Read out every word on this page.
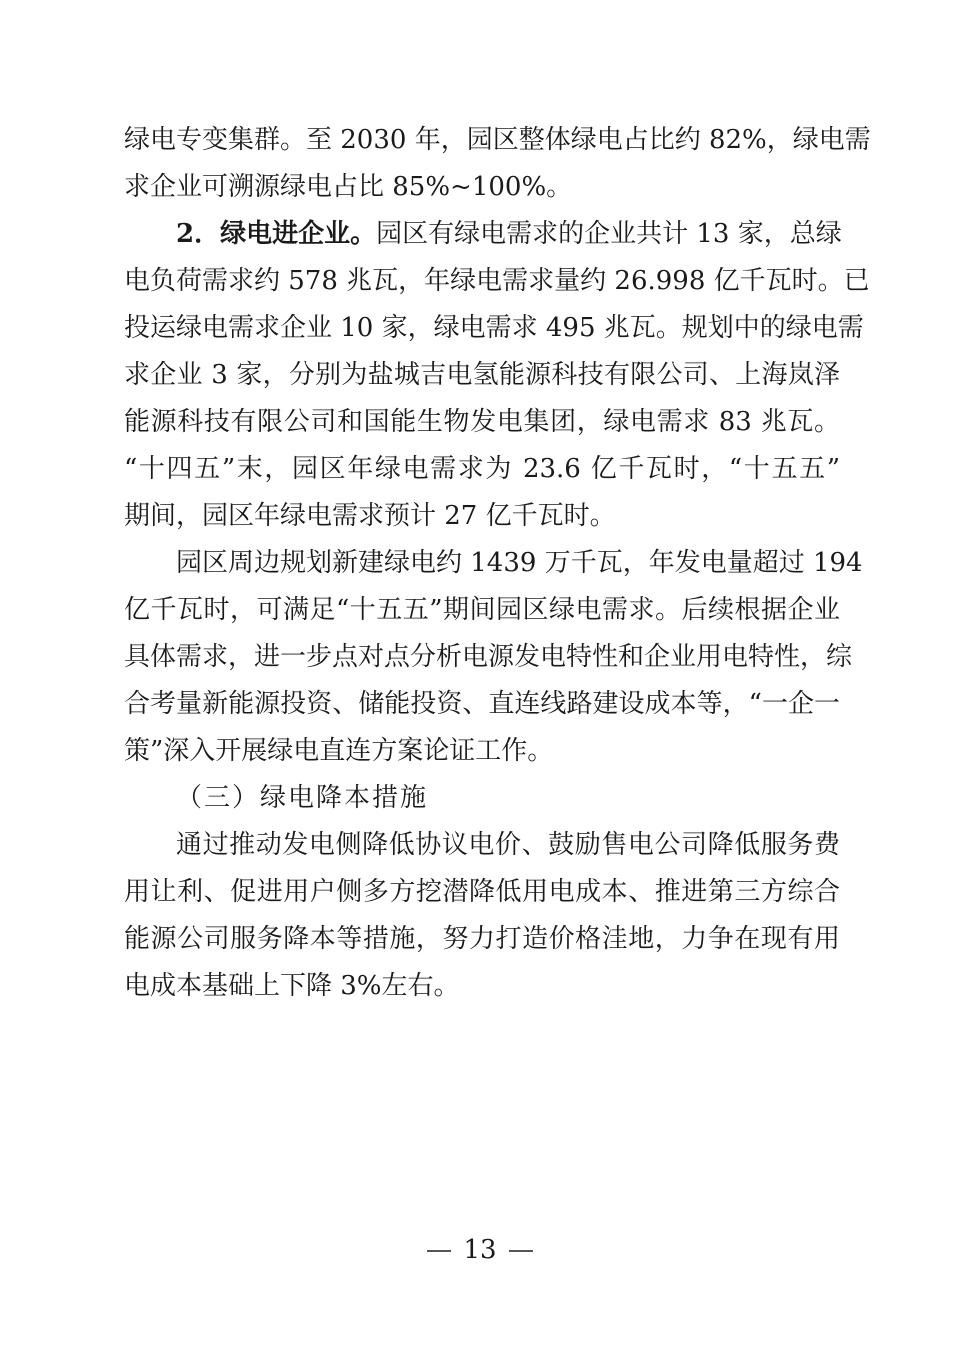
绿电专变集群。至 2030 年，园区整体绿电占比约 82%，绿电需
求企业可溯源绿电占比 85%~100%。
2．绿电进企业。园区有绿电需求的企业共计 13 家，总绿
电负荷需求约 578 兆瓦，年绿电需求量约 26.998 亿千瓦时。已
投运绿电需求企业 10 家，绿电需求 495 兆瓦。规划中的绿电需
求企业 3 家，分别为盐城吉电氢能源科技有限公司、上海岚泽
能源科技有限公司和国能生物发电集团，绿电需求 83 兆瓦。
“十四五”末，园区年绿电需求为 23.6 亿千瓦时，“十五五”
期间，园区年绿电需求预计 27 亿千瓦时。
园区周边规划新建绿电约 1439 万千瓦，年发电量超过 194
亿千瓦时，可满足“十五五”期间园区绿电需求。后续根据企业
具体需求，进一步点对点分析电源发电特性和企业用电特性，综
合考量新能源投资、储能投资、直连线路建设成本等，“一企一
策”深入开展绿电直连方案论证工作。
（三）绿电降本措施
通过推动发电侧降低协议电价、鼓励售电公司降低服务费
用让利、促进用户侧多方挖潜降低用电成本、推进第三方综合
能源公司服务降本等措施，努力打造价格洼地，力争在现有用
电成本基础上下降 3%左右。
13
